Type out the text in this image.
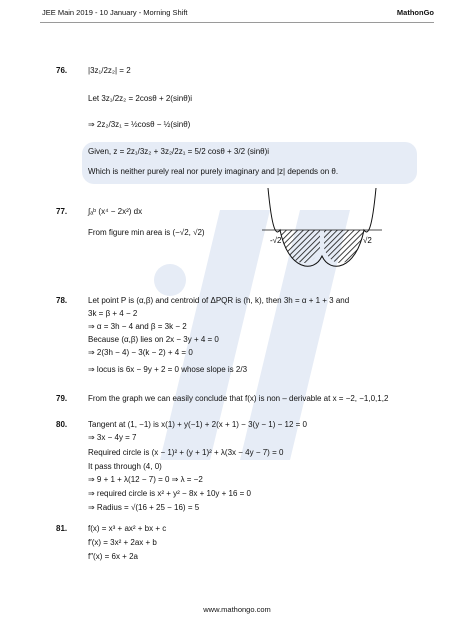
JEE Main 2019 - 10 January - Morning Shift	MathonGo
76.	|3z₁/2z₂| = 2
Let 3z₁/2z₂ = 2cosθ + 2(sinθ)i
⇒ 2z₂/3z₁ = ½cosθ − ½(sinθ)
Given, z = 2z₁/3z₂ + 3z₂/2z₁ = 5/2 cosθ + 3/2 (sinθ)i
Which is neither purely real nor purely imaginary and |z| depends on θ.
77.	∫ₐᵇ (x⁴ − 2x²) dx
From figure min area is (−√2, √2)
-√2	√2
78.	Let point P is (α,β) and centroid of ΔPQR is (h, k), then 3h = α + 1 + 3 and
3k = β + 4 − 2
⇒ α = 3h − 4 and β = 3k − 2
Because (α,β) lies on 2x − 3y + 4 = 0
⇒ 2(3h − 4) − 3(k − 2) + 4 = 0
⇒ locus is 6x − 9y + 2 = 0 whose slope is 2/3
79.	From the graph we can easily conclude that f(x) is non – derivable at x = −2, −1,0,1,2
80.	Tangent at (1, −1) is x(1) + y(−1) + 2(x + 1) − 3(y − 1) − 12 = 0
⇒ 3x − 4y = 7
Required circle is (x − 1)² + (y + 1)² + λ(3x − 4y − 7) = 0
It pass through (4, 0)
⇒ 9 + 1 + λ(12 − 7) = 0 ⇒ λ = −2
⇒ required circle is x² + y² − 8x + 10y + 16 = 0
⇒ Radius = √(16 + 25 − 16) = 5
81.	f(x) = x³ + ax² + bx + c
f′(x) = 3x² + 2ax + b
f″(x) = 6x + 2a
www.mathongo.com
